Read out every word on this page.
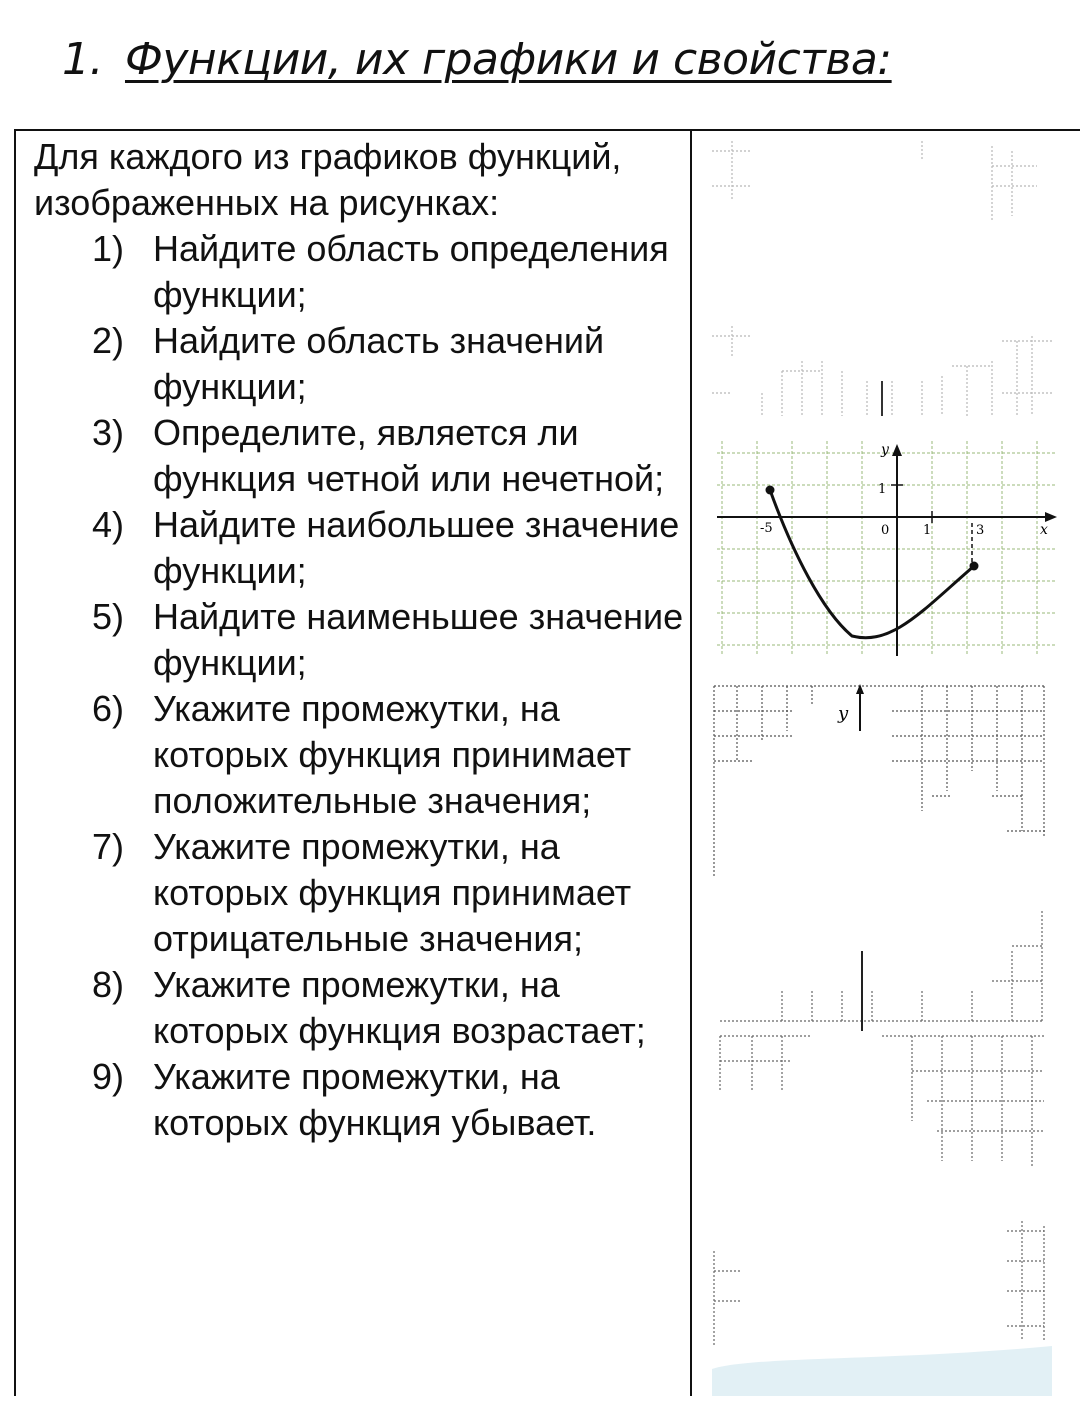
1. Функции, их графики и свойства:
Для каждого из графиков функций, изображенных на рисунках:
1) Найдите область определения функции;
2) Найдите область значений функции;
3) Определите, является ли функция четной или нечетной;
4) Найдите наибольшее значение функции;
5) Найдите наименьшее значение функции;
6) Укажите промежутки, на которых функция принимает положительные значения;
7) Укажите промежутки, на которых функция принимает отрицательные значения;
8) Укажите промежутки, на которых функция возрастает;
9) Укажите промежутки, на которых функция убывает.
-5	0	1	3
1
x
y
y
